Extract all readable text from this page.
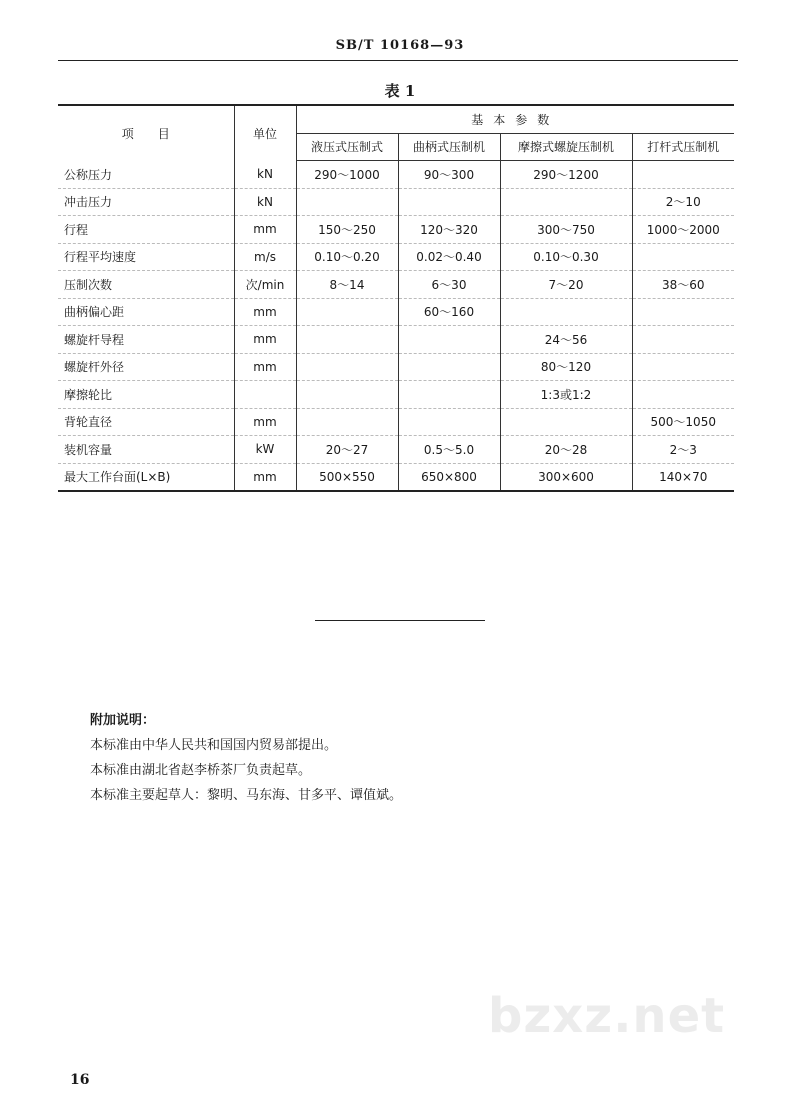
SB/T 10168—93
表 1
项　　目	单位	基本参数			
		液压式压制式	曲柄式压制机	摩擦式螺旋压制机	打杆式压制机
公称压力	kN	290～1000	90～300	290～1200	
冲击压力	kN				2～10
行程	mm	150～250	120～320	300～750	1000～2000
行程平均速度	m/s	0.10～0.20	0.02～0.40	0.10～0.30	
压制次数	次/min	8～14	6～30	7～20	38～60
曲柄偏心距	mm		60～160		
螺旋杆导程	mm			24～56	
螺旋杆外径	mm			80～120	
摩擦轮比				1:3或1:2	
背轮直径	mm				500～1050
装机容量	kW	20～27	0.5～5.0	20～28	2～3
最大工作台面(L×B)	mm	500×550	650×800	300×600	140×70
附加说明：
本标准由中华人民共和国国内贸易部提出。
本标准由湖北省赵李桥茶厂负责起草。
本标准主要起草人：黎明、马东海、甘多平、谭值斌。
bzxz.net
16
